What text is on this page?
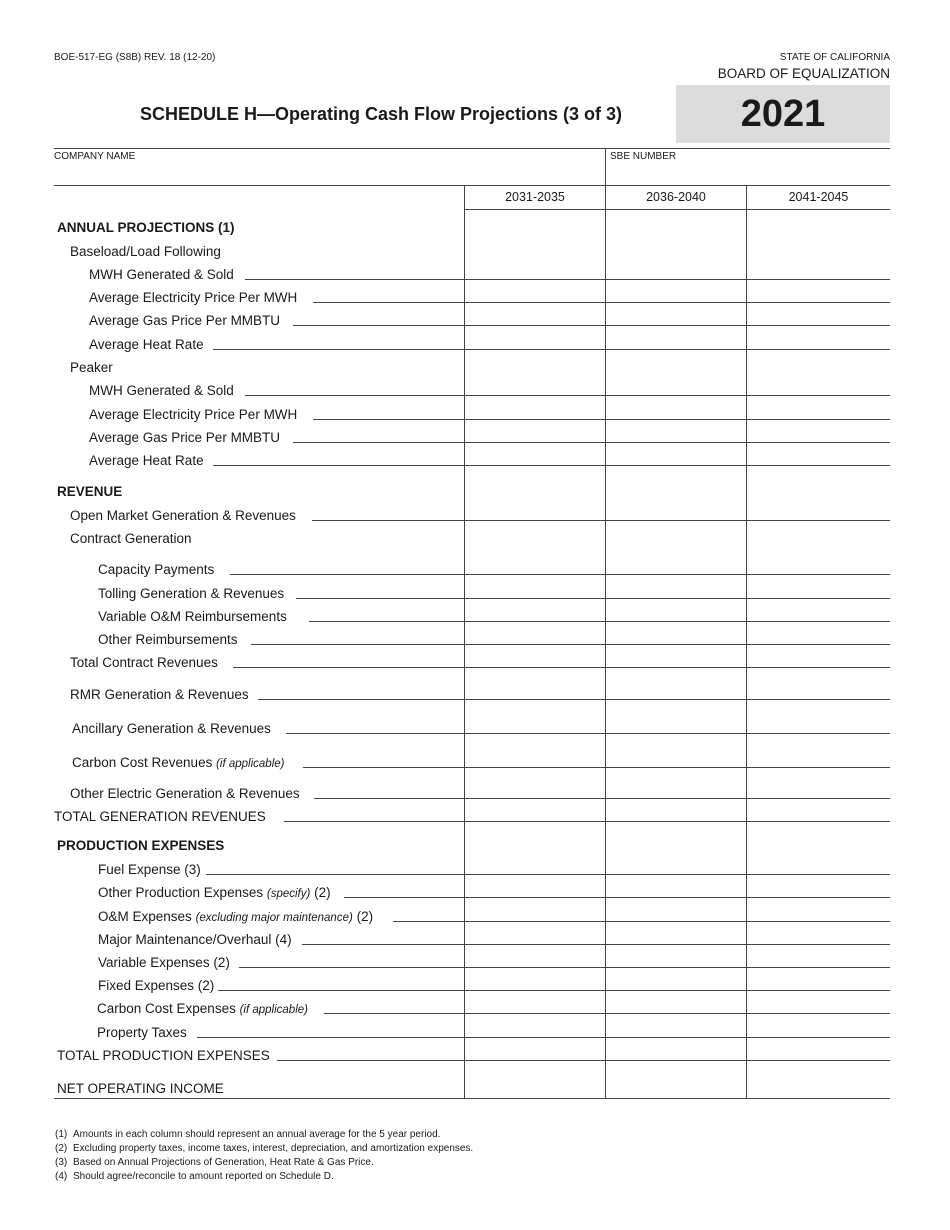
BOE-517-EG (S8B) REV. 18 (12-20)	STATE OF CALIFORNIA
BOARD OF EQUALIZATION
SCHEDULE H—Operating Cash Flow Projections (3 of 3)	2021
COMPANY NAME	SBE NUMBER
2031-2035	2036-2040	2041-2045
ANNUAL PROJECTIONS (1)
Baseload/Load Following
MWH Generated & Sold
Average Electricity Price Per MWH
Average Gas Price Per MMBTU
Average Heat Rate
Peaker
MWH Generated & Sold
Average Electricity Price Per MWH
Average Gas Price Per MMBTU
Average Heat Rate
REVENUE
Open Market Generation & Revenues
Contract Generation
Capacity Payments
Tolling Generation & Revenues
Variable O&M Reimbursements
Other Reimbursements
Total Contract Revenues
RMR Generation & Revenues
Ancillary Generation & Revenues
Carbon Cost Revenues (if applicable)
Other Electric Generation & Revenues
TOTAL GENERATION REVENUES
PRODUCTION EXPENSES
Fuel Expense (3)
Other Production Expenses (specify) (2)
O&M Expenses (excluding major maintenance) (2)
Major Maintenance/Overhaul (4)
Variable Expenses (2)
Fixed Expenses (2)
Carbon Cost Expenses (if applicable)
Property Taxes
TOTAL PRODUCTION EXPENSES
NET OPERATING INCOME
(1) Amounts in each column should represent an annual average for the 5 year period.
(2) Excluding property taxes, income taxes, interest, depreciation, and amortization expenses.
(3) Based on Annual Projections of Generation, Heat Rate & Gas Price.
(4) Should agree/reconcile to amount reported on Schedule D.
